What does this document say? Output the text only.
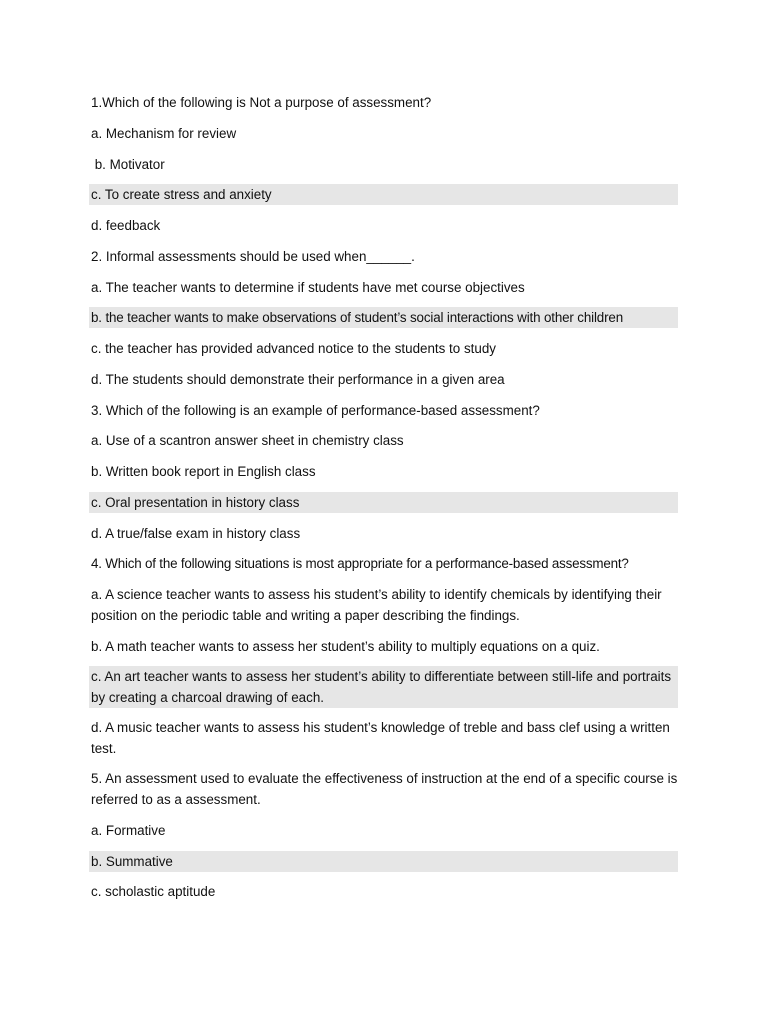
1.Which of the following is Not a purpose of assessment?
a. Mechanism for review
b. Motivator
c. To create stress and anxiety
d. feedback
2. Informal assessments should be used when______.
a. The teacher wants to determine if students have met course objectives
b. the teacher wants to make observations of student’s social interactions with other children
c. the teacher has provided advanced notice to the students to study
d. The students should demonstrate their performance in a given area
3. Which of the following is an example of performance-based assessment?
a. Use of a scantron answer sheet in chemistry class
b. Written book report in English class
c. Oral presentation in history class
d. A true/false exam in history class
4. Which of the following situations is most appropriate for a performance-based assessment?
a. A science teacher wants to assess his student’s ability to identify chemicals by identifying their position on the periodic table and writing a paper describing the findings.
b. A math teacher wants to assess her student’s ability to multiply equations on a quiz.
c. An art teacher wants to assess her student’s ability to differentiate between still-life and portraits by creating a charcoal drawing of each.
d. A music teacher wants to assess his student’s knowledge of treble and bass clef using a written test.
5. An assessment used to evaluate the effectiveness of instruction at the end of a specific course is referred to as a assessment.
a. Formative
b. Summative
c. scholastic aptitude
